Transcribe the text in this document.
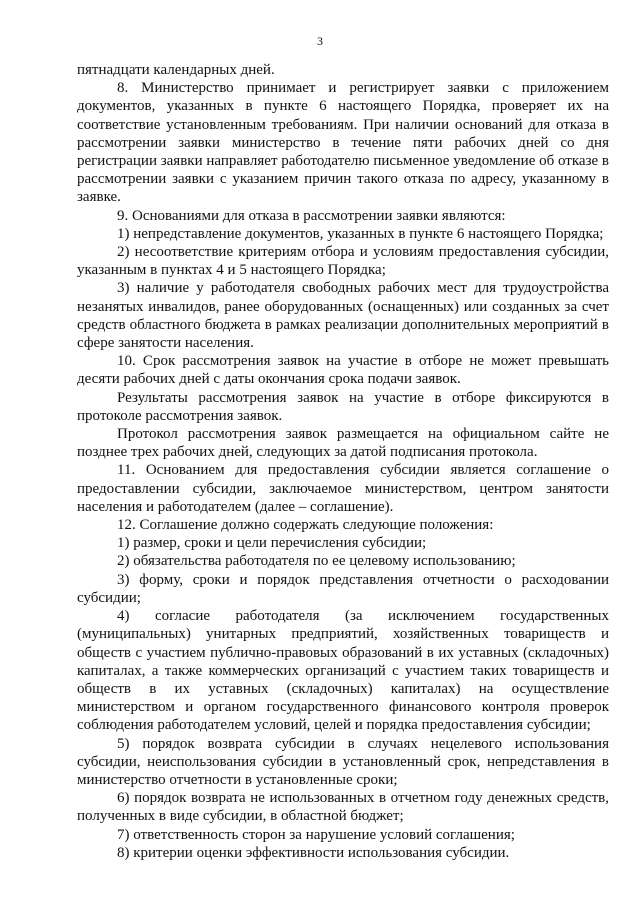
3

пятнадцати календарных дней.

8. Министерство принимает и регистрирует заявки с приложением документов, указанных в пункте 6 настоящего Порядка, проверяет их на соответствие установленным требованиям. При наличии оснований для отказа в рассмотрении заявки министерство в течение пяти рабочих дней со дня регистрации заявки направляет работодателю письменное уведомление об отказе в рассмотрении заявки с указанием причин такого отказа по адресу, указанному в заявке.

9. Основаниями для отказа в рассмотрении заявки являются:

1) непредставление документов, указанных в пункте 6 настоящего Порядка;

2) несоответствие критериям отбора и условиям предоставления субсидии, указанным в пунктах 4 и 5 настоящего Порядка;

3) наличие у работодателя свободных рабочих мест для трудоустройства незанятых инвалидов, ранее оборудованных (оснащенных) или созданных за счет средств областного бюджета в рамках реализации дополнительных мероприятий в сфере занятости населения.

10. Срок рассмотрения заявок на участие в отборе не может превышать десяти рабочих дней с даты окончания срока подачи заявок.

Результаты рассмотрения заявок на участие в отборе фиксируются в протоколе рассмотрения заявок.

Протокол рассмотрения заявок размещается на официальном сайте не позднее трех рабочих дней, следующих за датой подписания протокола.

11. Основанием для предоставления субсидии является соглашение о предоставлении субсидии, заключаемое министерством, центром занятости населения и работодателем (далее – соглашение).

12. Соглашение должно содержать следующие положения:

1) размер, сроки и цели перечисления субсидии;

2) обязательства работодателя по ее целевому использованию;

3) форму, сроки и порядок представления отчетности о расходовании субсидии;

4) согласие работодателя (за исключением государственных (муниципальных) унитарных предприятий, хозяйственных товариществ и обществ с участием публично-правовых образований в их уставных (складочных) капиталах, а также коммерческих организаций с участием таких товариществ и обществ в их уставных (складочных) капиталах) на осуществление министерством и органом государственного финансового контроля проверок соблюдения работодателем условий, целей и порядка предоставления субсидии;

5) порядок возврата субсидии в случаях нецелевого использования субсидии, неиспользования субсидии в установленный срок, непредставления в министерство отчетности в установленные сроки;

6) порядок возврата не использованных в отчетном году денежных средств, полученных в виде субсидии, в областной бюджет;

7) ответственность сторон за нарушение условий соглашения;

8) критерии оценки эффективности использования субсидии.
